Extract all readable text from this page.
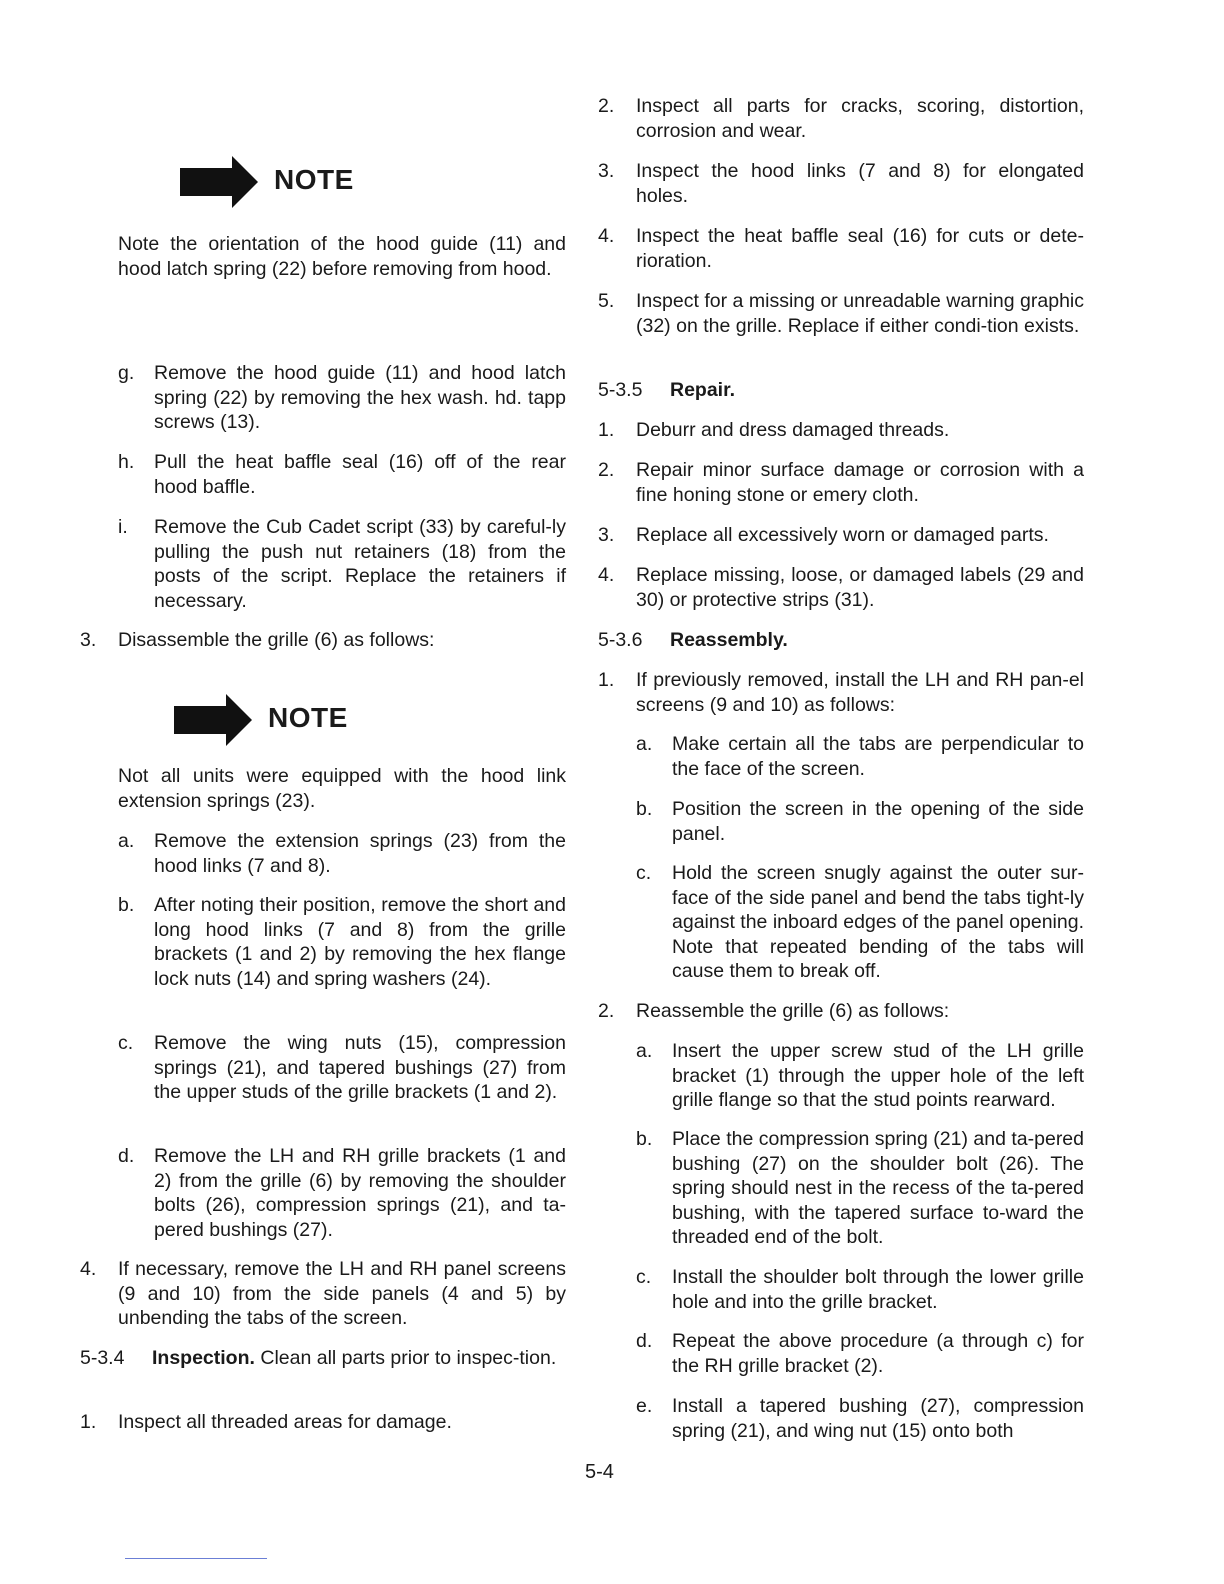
NOTE
Note the orientation of the hood guide (11) and hood latch spring (22) before removing from hood.
g. Remove the hood guide (11) and hood latch spring (22) by removing the hex wash. hd. tapp screws (13).
h. Pull the heat baffle seal (16) off of the rear hood baffle.
i. Remove the Cub Cadet script (33) by careful-ly pulling the push nut retainers (18) from the posts of the script. Replace the retainers if necessary.
3. Disassemble the grille (6) as follows:
NOTE
Not all units were equipped with the hood link extension springs (23).
a. Remove the extension springs (23) from the hood links (7 and 8).
b. After noting their position, remove the short and long hood links (7 and 8) from the grille brackets (1 and 2) by removing the hex flange lock nuts (14) and spring washers (24).
c. Remove the wing nuts (15), compression springs (21), and tapered bushings (27) from the upper studs of the grille brackets (1 and 2).
d. Remove the LH and RH grille brackets (1 and 2) from the grille (6) by removing the shoulder bolts (26), compression springs (21), and ta-pered bushings (27).
4. If necessary, remove the LH and RH panel screens (9 and 10) from the side panels (4 and 5) by unbending the tabs of the screen.
5-3.4 Inspection. Clean all parts prior to inspec-tion.
1. Inspect all threaded areas for damage.
2. Inspect all parts for cracks, scoring, distortion, corrosion and wear.
3. Inspect the hood links (7 and 8) for elongated holes.
4. Inspect the heat baffle seal (16) for cuts or dete-rioration.
5. Inspect for a missing or unreadable warning graphic (32) on the grille. Replace if either condi-tion exists.
5-3.5 Repair.
1. Deburr and dress damaged threads.
2. Repair minor surface damage or corrosion with a fine honing stone or emery cloth.
3. Replace all excessively worn or damaged parts.
4. Replace missing, loose, or damaged labels (29 and 30) or protective strips (31).
5-3.6 Reassembly.
1. If previously removed, install the LH and RH pan-el screens (9 and 10) as follows:
a. Make certain all the tabs are perpendicular to the face of the screen.
b. Position the screen in the opening of the side panel.
c. Hold the screen snugly against the outer sur-face of the side panel and bend the tabs tight-ly against the inboard edges of the panel opening. Note that repeated bending of the tabs will cause them to break off.
2. Reassemble the grille (6) as follows:
a. Insert the upper screw stud of the LH grille bracket (1) through the upper hole of the left grille flange so that the stud points rearward.
b. Place the compression spring (21) and ta-pered bushing (27) on the shoulder bolt (26). The spring should nest in the recess of the ta-pered bushing, with the tapered surface to-ward the threaded end of the bolt.
c. Install the shoulder bolt through the lower grille hole and into the grille bracket.
d. Repeat the above procedure (a through c) for the RH grille bracket (2).
e. Install a tapered bushing (27), compression spring (21), and wing nut (15) onto both
5-4
